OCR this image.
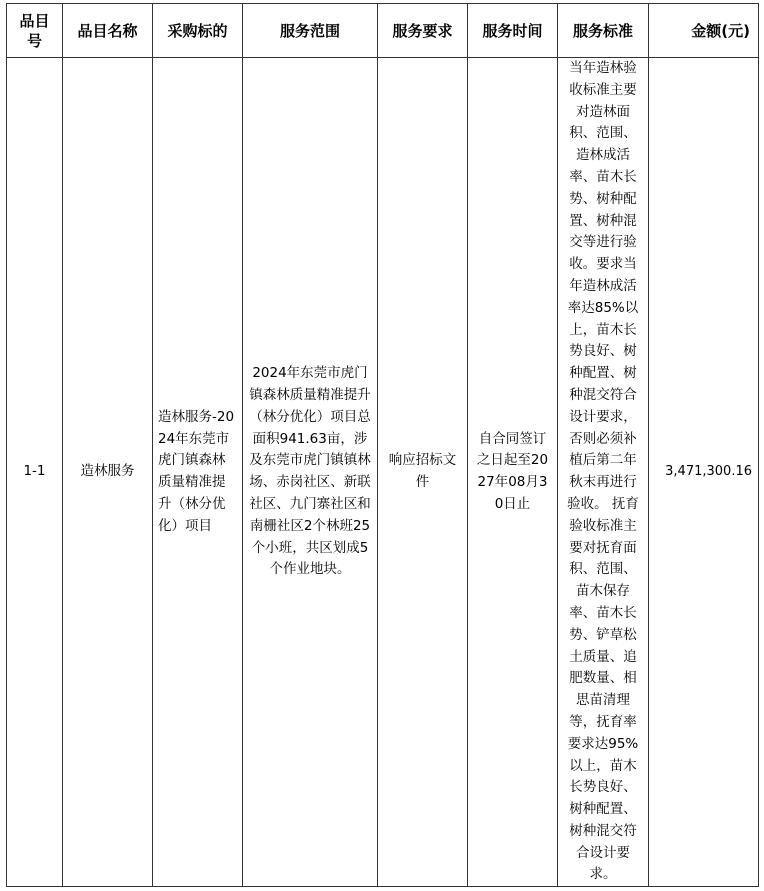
品目号	品目名称	采购标的	服务范围	服务要求	服务时间	服务标准	金额(元)
1-1	造林服务	造林服务-2024年东莞市虎门镇森林质量精准提升（林分优化）项目	2024年东莞市虎门镇森林质量精准提升（林分优化）项目总面积941.63亩，涉及东莞市虎门镇镇林场、赤岗社区、新联社区、九门寨社区和南栅社区2个林班25个小班，共区划成5个作业地块。	响应招标文件	自合同签订之日起至2027年08月30日止	当年造林验收标准主要对造林面积、范围、造林成活率、苗木长势、树种配置、树种混交等进行验收。要求当年造林成活率达85%以上，苗木长势良好、树种配置、树种混交符合设计要求，否则必须补植后第二年秋末再进行验收。 抚育验收标准主要对抚育面积、范围、苗木保存率、苗木长势、铲草松土质量、追肥数量、相思苗清理等，抚育率要求达95%以上，苗木长势良好、树种配置、树种混交符合设计要求。	3,471,300.16
